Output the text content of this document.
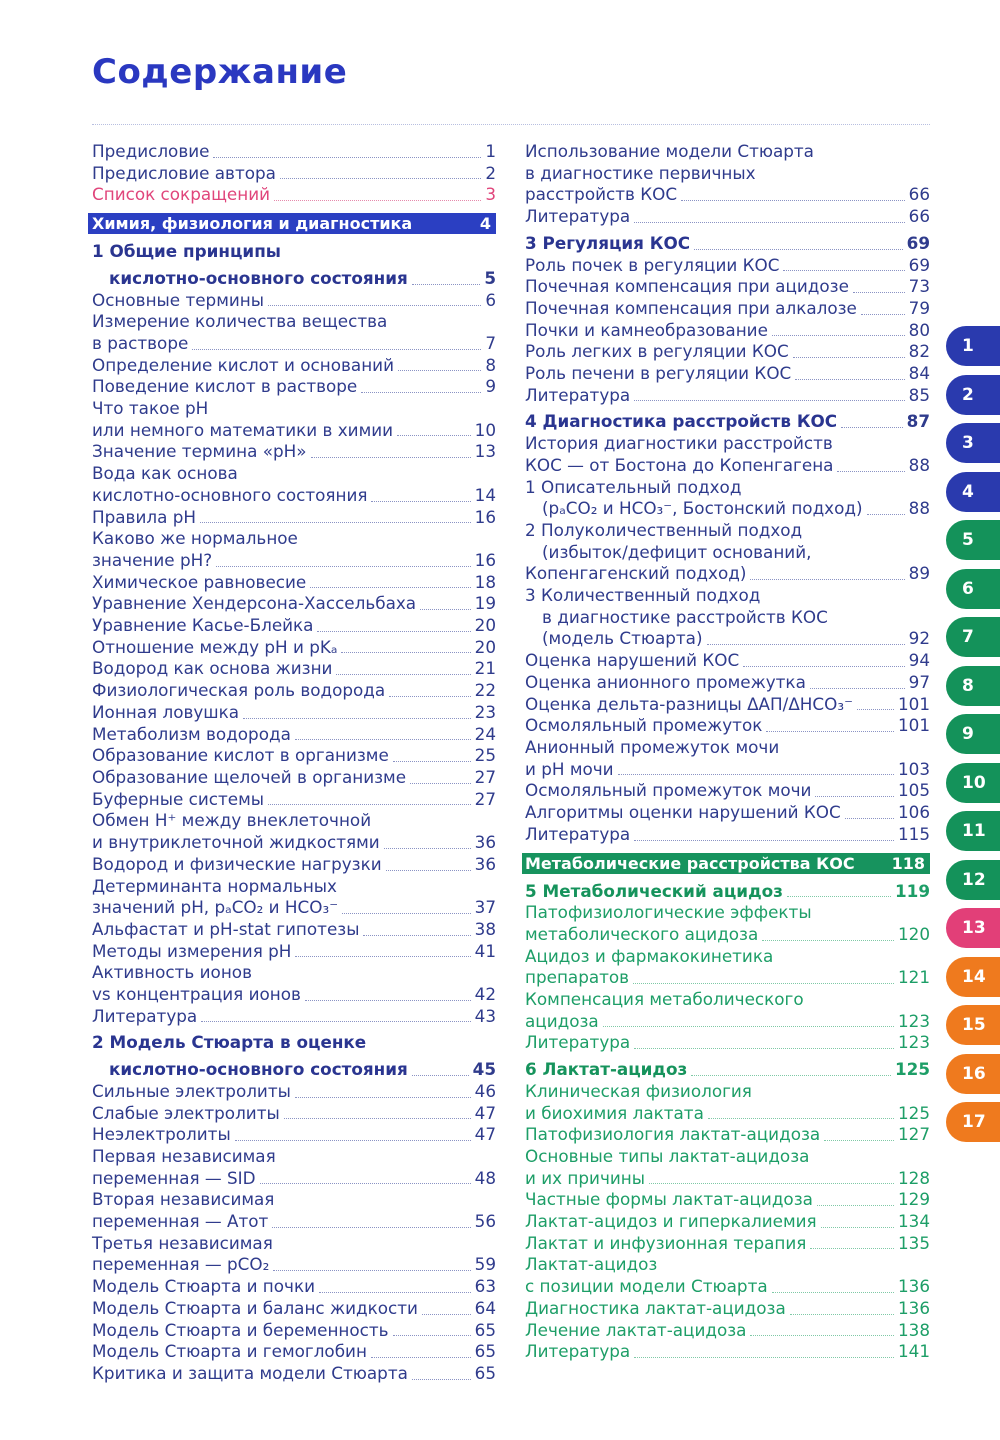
Содержание
Предисловие	1
Предисловие автора	2
Список сокращений	3
Химия, физиология и диагностика	4
1 Общие принципы
кислотно-основного состояния	5
Основные термины	6
Измерение количества вещества
в растворе	7
Определение кислот и оснований	8
Поведение кислот в растворе	9
Что такое pH
или немного математики в химии	10
Значение термина «pH»	13
Вода как основа
кислотно-основного состояния	14
Правила pH	16
Каково же нормальное
значение pH?	16
Химическое равновесие	18
Уравнение Хендерсона-Хассельбаха	19
Уравнение Касье-Блейка	20
Отношение между pH и pKₐ	20
Водород как основа жизни	21
Физиологическая роль водорода	22
Ионная ловушка	23
Метаболизм водорода	24
Образование кислот в организме	25
Образование щелочей в организме	27
Буферные системы	27
Обмен H⁺ между внеклеточной
и внутриклеточной жидкостями	36
Водород и физические нагрузки	36
Детерминанта нормальных
значений pH, pₐCO₂ и HCO₃⁻	37
Альфастат и pH-stat гипотезы	38
Методы измерения pH	41
Активность ионов
vs концентрация ионов	42
Литература	43
2 Модель Стюарта в оценке
кислотно-основного состояния	45
Сильные электролиты	46
Слабые электролиты	47
Неэлектролиты	47
Первая независимая
переменная — SID	48
Вторая независимая
переменная — Aтот	56
Третья независимая
переменная — pCO₂	59
Модель Стюарта и почки	63
Модель Стюарта и баланс жидкости	64
Модель Стюарта и беременность	65
Модель Стюарта и гемоглобин	65
Критика и защита модели Стюарта	65
Использование модели Стюарта
в диагностике первичных
расстройств КОС	66
Литература	66
3 Регуляция КОС	69
Роль почек в регуляции КОС	69
Почечная компенсация при ацидозе	73
Почечная компенсация при алкалозе	79
Почки и камнеобразование	80
Роль легких в регуляции КОС	82
Роль печени в регуляции КОС	84
Литература	85
4 Диагностика расстройств КОС	87
История диагностики расстройств
КОС — от Бостона до Копенгагена	88
1 Описательный подход
(pₐCO₂ и HCO₃⁻, Бостонский подход)	88
2 Полуколичественный подход
(избыток/дефицит оснований,
Копенгагенский подход)	89
3 Количественный подход
в диагностике расстройств КОС
(модель Стюарта)	92
Оценка нарушений КОС	94
Оценка анионного промежутка	97
Оценка дельта-разницы ΔАП/ΔHCO₃⁻	101
Осмоляльный промежуток	101
Анионный промежуток мочи
и pH мочи	103
Осмоляльный промежуток мочи	105
Алгоритмы оценки нарушений КОС	106
Литература	115
Метаболические расстройства КОС 118
5 Метаболический ацидоз	119
Патофизиологические эффекты
метаболического ацидоза	120
Ацидоз и фармакокинетика
препаратов	121
Компенсация метаболического
ацидоза	123
Литература	123
6 Лактат-ацидоз	125
Клиническая физиология
и биохимия лактата	125
Патофизиология лактат-ацидоза	127
Основные типы лактат-ацидоза
и их причины	128
Частные формы лактат-ацидоза	129
Лактат-ацидоз и гиперкалиемия	134
Лактат и инфузионная терапия	135
Лактат-ацидоз
с позиции модели Стюарта	136
Диагностика лактат-ацидоза	136
Лечение лактат-ацидоза	138
Литература	141
1
2
3
4
5
6
7
8
9
10
11
12
13
14
15
16
17
